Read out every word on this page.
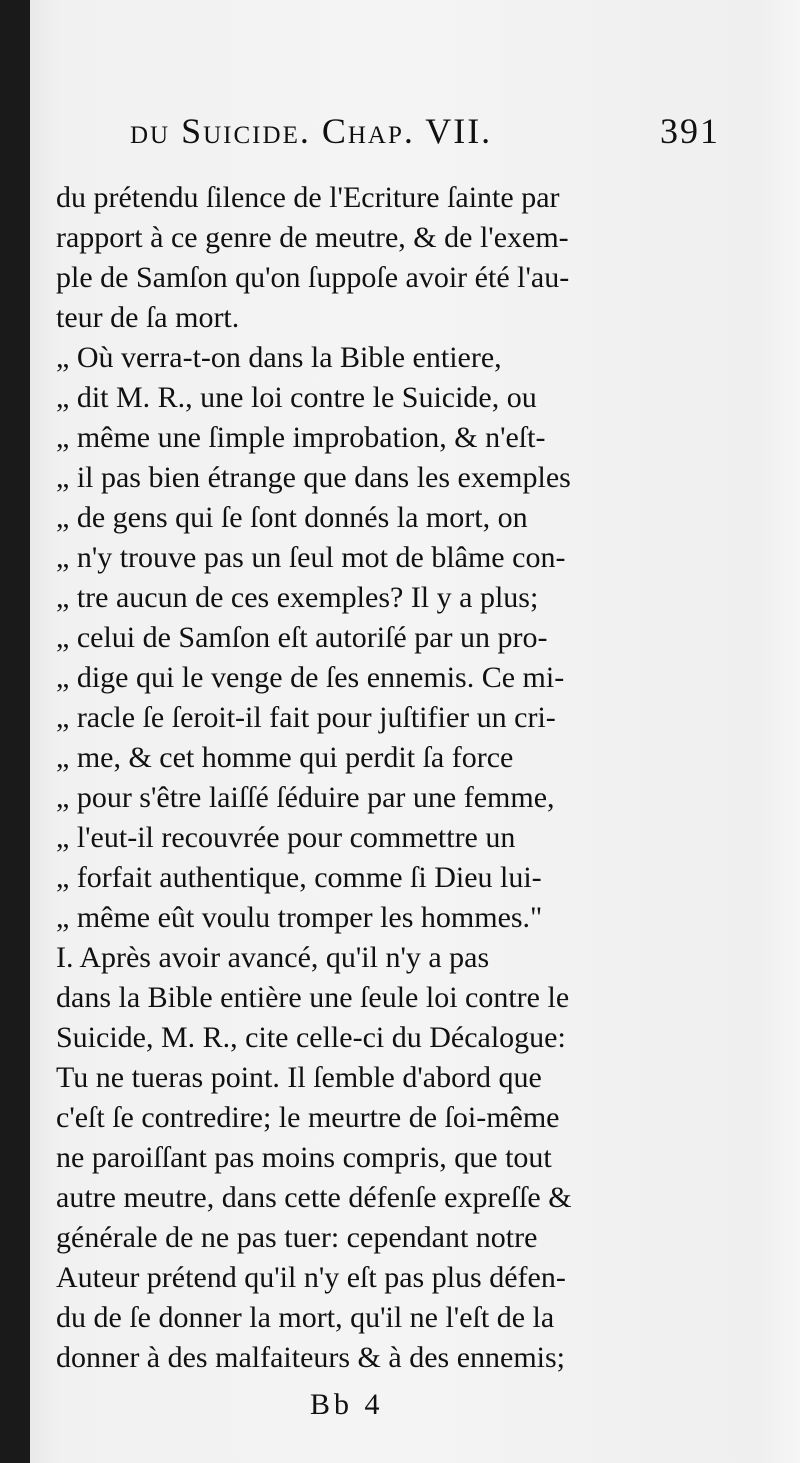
du Suicide. Chap. VII.	391
du prétendu ſilence de l'Ecriture ſainte par
rapport à ce genre de meutre, & de l'exem-
ple de Samſon qu'on ſuppoſe avoir été l'au-
teur de ſa mort.
„ Où verra-t-on dans la Bible entiere,
„ dit M. R., une loi contre le Suicide, ou
„ même une ſimple improbation, & n'eſt-
„ il pas bien étrange que dans les exemples
„ de gens qui ſe ſont donnés la mort, on
„ n'y trouve pas un ſeul mot de blâme con-
„ tre aucun de ces exemples? Il y a plus;
„ celui de Samſon eſt autoriſé par un pro-
„ dige qui le venge de ſes ennemis. Ce mi-
„ racle ſe ſeroit-il fait pour juſtifier un cri-
„ me, & cet homme qui perdit ſa force
„ pour s'être laiſſé ſéduire par une femme,
„ l'eut-il recouvrée pour commettre un
„ forfait authentique, comme ſi Dieu lui-
„ même eût voulu tromper les hommes."
I. Après avoir avancé, qu'il n'y a pas
dans la Bible entière une ſeule loi contre le
Suicide, M. R., cite celle-ci du Décalogue:
Tu ne tueras point. Il ſemble d'abord que
c'eſt ſe contredire; le meurtre de ſoi-même
ne paroiſſant pas moins compris, que tout
autre meutre, dans cette défenſe expreſſe &
générale de ne pas tuer: cependant notre
Auteur prétend qu'il n'y eſt pas plus défen-
du de ſe donner la mort, qu'il ne l'eſt de la
donner à des malfaiteurs & à des ennemis;
Bb 4
